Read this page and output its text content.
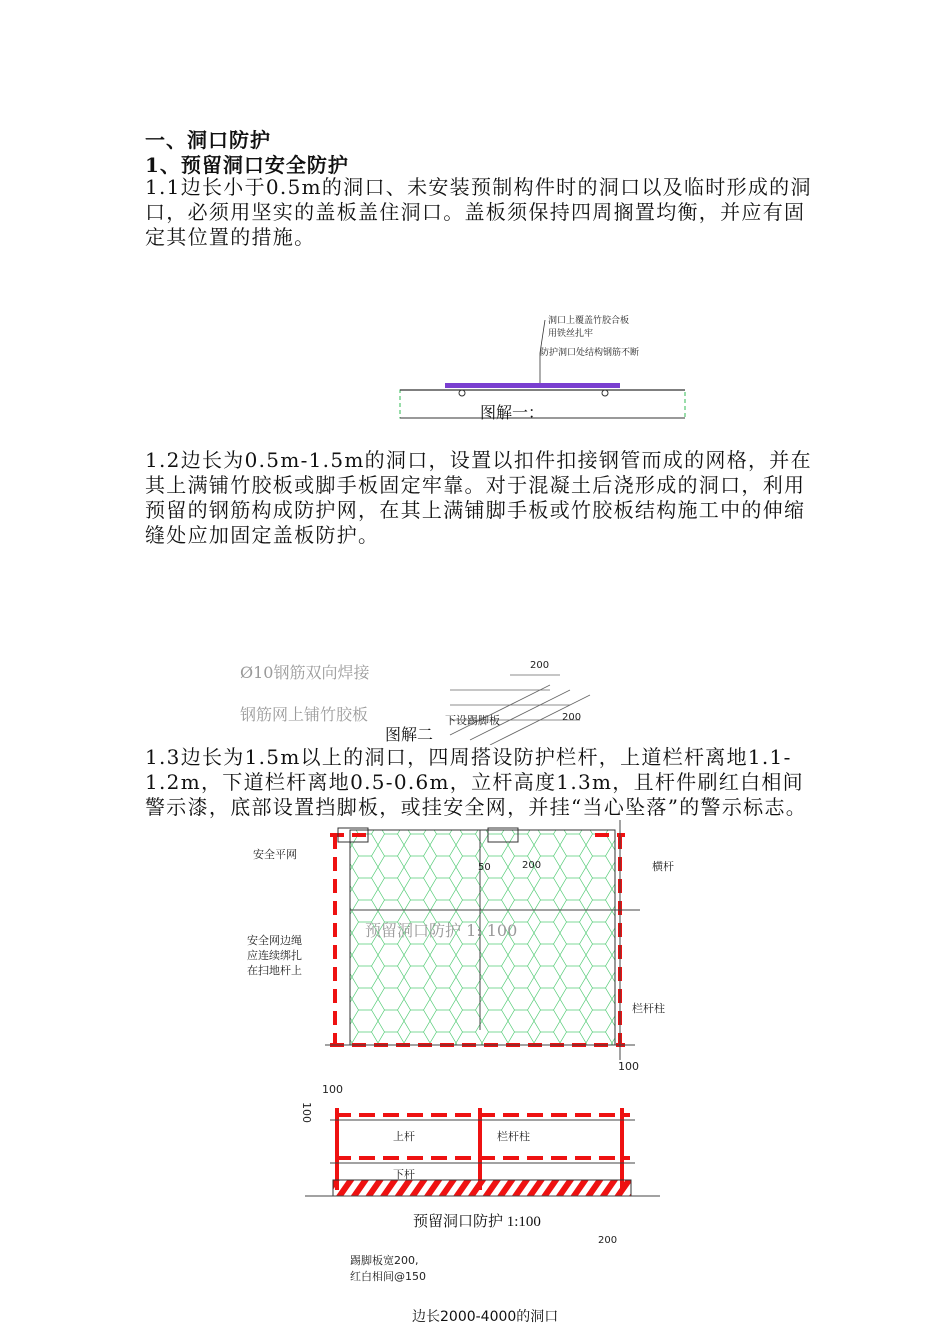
一、洞口防护
1、预留洞口安全防护
1.1边长小于0.5m的洞口、未安装预制构件时的洞口以及临时形成的洞口，必须用坚实的盖板盖住洞口。盖板须保持四周搁置均衡，并应有固定其位置的措施。
洞口上覆盖竹胶合板
用铁丝扎牢
防护洞口处结构钢筋不断
图解一：
1.2边长为0.5m-1.5m的洞口，设置以扣件扣接钢管而成的网格，并在其上满铺竹胶板或脚手板固定牢靠。对于混凝土后浇形成的洞口，利用预留的钢筋构成防护网，在其上满铺脚手板或竹胶板结构施工中的伸缩缝处应加固定盖板防护。
Ø10钢筋双向焊接
钢筋网上铺竹胶板
200
200
下设踢脚板
图解二
安全平网
横杆
50	200
安全网边绳
应连续绑扎
在扫地杆上
预留洞口防护 1: 100
栏杆柱
100
1.3边长为1.5m以上的洞口，四周搭设防护栏杆，上道栏杆离地1.1-1.2m，下道栏杆离地0.5-0.6m，立杆高度1.3m，且杆件刷红白相间警示漆，底部设置挡脚板，或挂安全网，并挂“当心坠落”的警示标志。
100
100
上杆	栏杆柱
下杆
预留洞口防护 1:100
200
踢脚板宽200,
红白相间@150
边长2000-4000的洞口
